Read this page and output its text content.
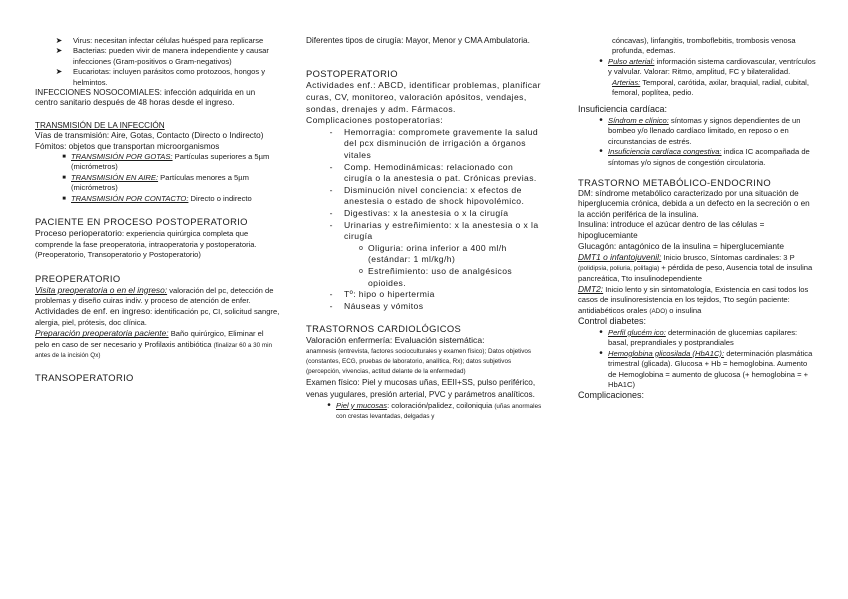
➤	Virus: necesitan infectar células huésped para replicarse
➤	Bacterias: pueden vivir de manera independiente y causar infecciones (Gram-positivos o Gram-negativos)
➤	Eucariotas: incluyen parásitos como protozoos, hongos y helmintos.

INFECCIONES NOSOCOMIALES: infección adquirida en un centro sanitario después de 48 horas desde el ingreso.

TRANSMISIÓN DE LA INFECCIÓN

Vías de transmisión: Aire, Gotas, Contacto (Directo o Indirecto)

Fómitos: objetos que transportan microorganismos

■ TRANSMISIÓN POR GOTAS: Partículas superiores a 5µm (micrómetros)
■ TRANSMISIÓN EN AIRE: Partículas menores a 5µm (micrómetros)
■ TRANSMISIÓN POR CONTACTO: Directo o indirecto

PACIENTE EN PROCESO POSTOPERATORIO

Proceso perioperatorio: experiencia quirúrgica completa que comprende la fase preoperatoria, intraoperatoria y postoperatoria. (Preoperatorio, Transoperatorio y Postoperatorio)

PREOPERATORIO

Visita preoperatoria o en el ingreso: valoración del pc, detección de problemas y diseño cuiras indiv. y proceso de atención de enfer.

Actividades de enf. en ingreso: identificación pc, CI, solicitud sangre, alergia, piel, prótesis, doc clínica.

Preparación preoperatoria paciente: Baño quirúrgico, Eliminar el pelo en caso de ser necesario y Profilaxis antibiótica (finalizar 60 a 30 min antes de la incisión Qx)

TRANSOPERATORIO

Diferentes tipos de cirugía: Mayor, Menor y CMA Ambulatoria.

POSTOPERATORIO

Actividades enf.: ABCD, identificar problemas, planificar curas, CV, monitoreo, valoración apósitos, vendajes, sondas, drenajes y adm. Fármacos.

Complicaciones postoperatorias:

-	Hemorragia: compromete gravemente la salud del pcx disminución de irrigación a órganos vitales
-	Comp. Hemodinámicas: relacionado con cirugía o la anestesia o pat. Crónicas previas.
-	Disminución nivel conciencia: x efectos de anestesia o estado de shock hipovolémico.
-	Digestivas: x la anestesia o x la cirugía
-	Urinarias y estreñimiento: x la anestesia o x la cirugía
o Oliguria: orina inferior a 400 ml/h (estándar: 1 ml/kg/h)
o Estreñimiento: uso de analgésicos opioides.
-	Tº: hipo o hipertermia
-	Náuseas y vómitos

TRASTORNOS CARDIOLÓGICOS

Valoración enfermería: Evaluación sistemática:

anamnesis (entrevista, factores socioculturales y examen físico); Datos objetivos (constantes, ECG, pruebas de laboratorio, analítica, Rx); datos subjetivos (percepción, vivencias, actitud delante de la enfermedad)

Examen físico: Piel y mucosas uñas, EEII+SS, pulso periférico, venas yugulares, presión arterial, PVC y parámetros analíticos.

• Piel y mucosas: coloración/palidez, coiloniquia (uñas anormales con crestas levantadas, delgadas y

cóncavas), linfangitis, tromboflebitis, trombosis venosa profunda, edemas.

• Pulso arterial: información sistema cardiovascular, ventrículos y valvular. Valorar: Ritmo, amplitud, FC y bilateralidad.

Arterias: Temporal, carótida, axilar, braquial, radial, cubital, femoral, poplítea, pedio.

Insuficiencia cardíaca:

• Síndrom e clínico: síntomas y signos dependientes de un bombeo y/o llenado cardíaco limitado, en reposo o en circunstancias de estrés.
• Insuficiencia cardíaca congestiva: indica IC acompañada de síntomas y/o signos de congestión circulatoria.

TRASTORNO METABÓLICO-ENDOCRINO

DM: síndrome metabólico caracterizado por una situación de hiperglucemia crónica, debida a un defecto en la secreción o en la acción periférica de la insulina.

Insulina: introduce el azúcar dentro de las células = hipoglucemiante

Glucagón: antagónico de la insulina = hiperglucemiante

DMT1 o infantojuvenil: Inicio brusco, Síntomas cardinales: 3 P (polidipsia, poliuria, polifagia) + pérdida de peso, Ausencia total de insulina pancreática, Tto insulinodependiente

DMT2: Inicio lento y sin sintomatología, Existencia en casi todos los casos de insulinoresistencia en los tejidos, Tto según paciente: antidiabéticos orales (ADO) o insulina

Control diabetes:

• Perfil glucém ico: determinación de glucemias capilares: basal, preprandiales y postprandiales
• Hemoglobina glicosilada (HbA1C): determinación plasmática trimestral (glicada). Glucosa + Hb = hemoglobina. Aumento de Hemoglobina = aumento de glucosa (+ hemoglobina = + HbA1C)

Complicaciones:
